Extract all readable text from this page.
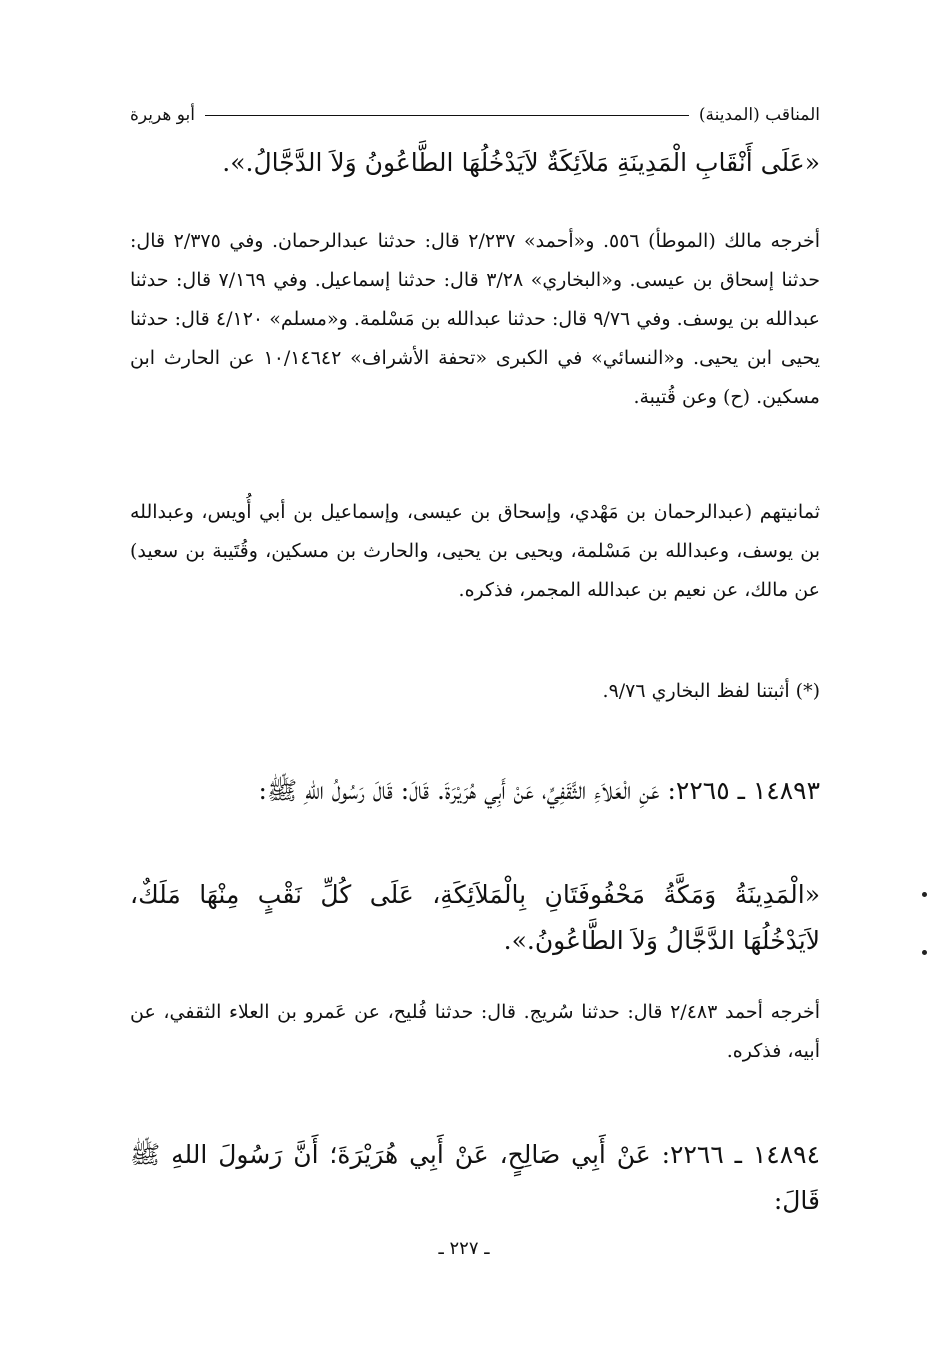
المناقب (المدينة)
أبو هريرة

«عَلَى أَنْقَابِ الْمَدِينَةِ مَلاَئِكَةٌ لاَيَدْخُلُهَا الطَّاعُونُ وَلاَ الدَّجَّالُ.».

أخرجه مالك (الموطأ) ٥٥٦. و«أحمد» ٢/٢٣٧ قال: حدثنا عبدالرحمان. وفي ٢/٣٧٥ قال: حدثنا إسحاق بن عيسى. و«البخاري» ٣/٢٨ قال: حدثنا إسماعيل. وفي ٧/١٦٩ قال: حدثنا عبدالله بن يوسف. وفي ٩/٧٦ قال: حدثنا عبدالله بن مَسْلمة. و«مسلم» ٤/١٢٠ قال: حدثنا يحيى ابن يحيى. و«النسائي» في الكبرى «تحفة الأشراف» ١٠/١٤٦٤٢ عن الحارث ابن مسكين. (ح) وعن قُتيبة.

ثمانيتهم (عبدالرحمان بن مَهْدي، وإسحاق بن عيسى، وإسماعيل بن أبي أُويس، وعبدالله بن يوسف، وعبدالله بن مَسْلمة، ويحيى بن يحيى، والحارث بن مسكين، وقُتَيبة بن سعيد) عن مالك، عن نعيم بن عبدالله المجمر، فذكره.

(*) أثبتنا لفظ البخاري ٩/٧٦.

١٤٨٩٣ ـ ٢٢٦٥: عَنِ الْعَلاَءِ الثَّقَفِيِّ، عَنْ أَبِي هُرَيْرَةَ. قَالَ: قَالَ رَسُولُ اللهِ ﷺ:

«الْمَدِينَةُ وَمَكَّةُ مَحْفُوفَتَانِ بِالْمَلاَئِكَةِ، عَلَى كُلِّ نَقْبٍ مِنْهَا مَلَكٌ، لاَيَدْخُلُهَا الدَّجَّالُ وَلاَ الطَّاعُونُ.».

أخرجه أحمد ٢/٤٨٣ قال: حدثنا سُريج. قال: حدثنا فُليح، عن عَمرو بن العلاء الثقفي، عن أبيه، فذكره.

١٤٨٩٤ ـ ٢٢٦٦: عَنْ أَبِي صَالِحٍ، عَنْ أَبِي هُرَيْرَةَ؛ أَنَّ رَسُولَ اللهِ ﷺ قَالَ:

ـ ٢٢٧ ـ
